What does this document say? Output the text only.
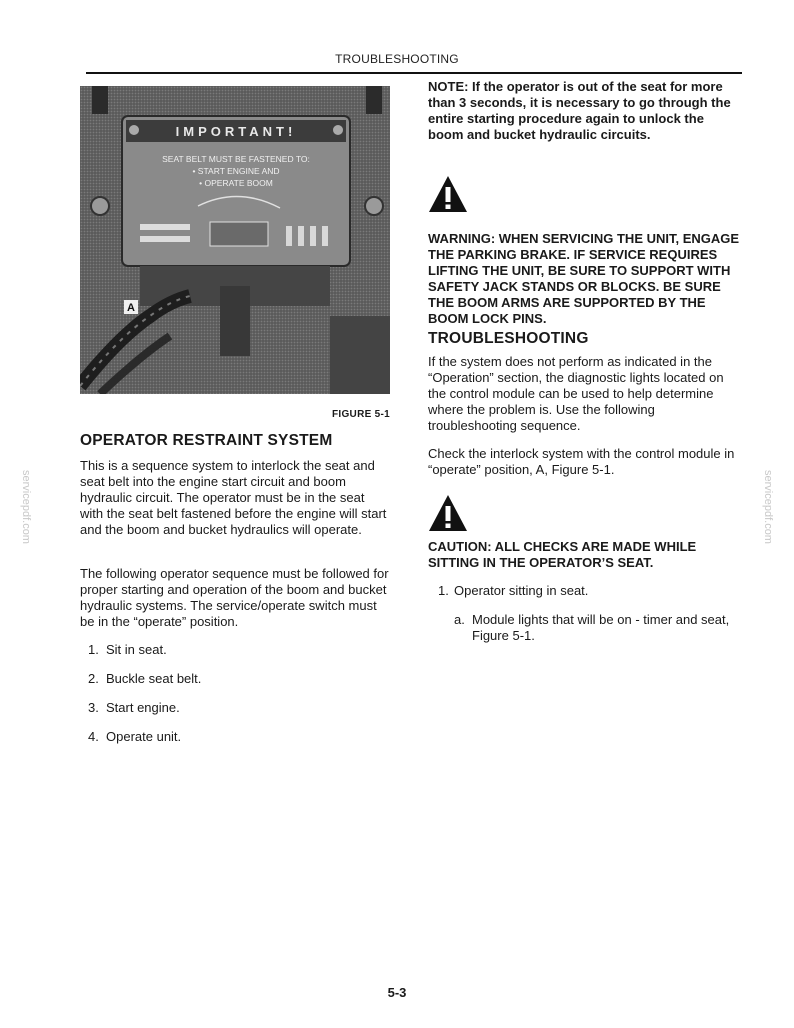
TROUBLESHOOTING
IMPORTANT!
SEAT BELT MUST BE FASTENED TO:
• START ENGINE AND
• OPERATE BOOM
A
FIGURE 5-1
OPERATOR RESTRAINT SYSTEM

This is a sequence system to interlock the seat and seat belt into the engine start circuit and boom hydraulic circuit. The operator must be in the seat with the seat belt fastened before the engine will start and the boom and bucket hydraulics will operate.

The following operator sequence must be followed for proper starting and operation of the boom and bucket hydraulic systems. The service/operate switch must be in the “operate” position.

1. Sit in seat.
2. Buckle seat belt.
3. Start engine.
4. Operate unit.

NOTE: If the operator is out of the seat for more than 3 seconds, it is necessary to go through the entire starting procedure again to unlock the boom and bucket hydraulic circuits.

WARNING: WHEN SERVICING THE UNIT, ENGAGE THE PARKING BRAKE. IF SERVICE REQUIRES LIFTING THE UNIT, BE SURE TO SUPPORT WITH SAFETY JACK STANDS OR BLOCKS. BE SURE THE BOOM ARMS ARE SUPPORTED BY THE BOOM LOCK PINS.

TROUBLESHOOTING

If the system does not perform as indicated in the “Operation” section, the diagnostic lights located on the control module can be used to help determine where the problem is. Use the following troubleshooting sequence.

Check the interlock system with the control module in “operate” position, A, Figure 5-1.

CAUTION: ALL CHECKS ARE MADE WHILE SITTING IN THE OPERATOR’S SEAT.

1. Operator sitting in seat.
a. Module lights that will be on - timer and seat, Figure 5-1.
servicepdf.com	servicepdf.com
5-3
